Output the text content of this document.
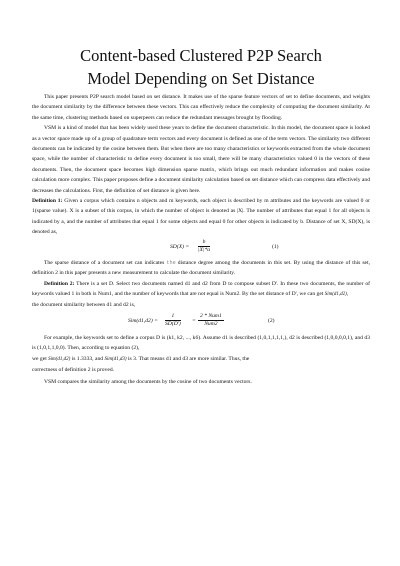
Content-based Clustered P2P Search
Model Depending on Set Distance

This paper presents P2P search model based on set distance. It makes use of the sparse feature vectors of set to define documents, and weights the document similarity by the difference between these vectors. This can effectively reduce the complexity of computing the document similarity. At the same time, clustering methods based on superpeers can reduce the redundant messages brought by flooding.

VSM is a kind of model that has been widely used these years to define the document characteristic. In this model, the document space is looked as a vector space made up of a group of quadrature term vectors and every document is defined as one of the term vectors. The similarity two different documents can be indicated by the cosine between them. But when there are too many characteristics or keywords extracted from the whole document space, while the number of characteristic to define every document is too small, there will be many characteristics valued 0 in the vectors of these documents. Then, the document space becomes high dimension sparse matrix, which brings out much redundant information and makes cosine calculation more complex. This paper proposes define a document similarity calculation based on set distance which can compress data effectively and decreases the calculations. First, the definition of set distance is given here.

Definition 1: Given a corpus which contains n objects and m keywords, each object is described by m attributes and the keywords are valued 0 or 1(sparse value). X is a subset of this corpus, in which the number of object is denoted as |X|. The number of attributes that equal 1 for all objects is indicated by a, and the number of attributes that equal 1 for some objects and equal 0 for other objects is indicated by b. Distance of set X, SD(X), is denoted as,

$SD(X) = \frac{b}{|X|*a}$	(1)

The sparse distance of a document set can indicates the distance degree among the documents in this set. By using the distance of this set, definition 2 in this paper presents a new measurement to calculate the document similarity.

Definition 2: There is a set D. Select two documents named d1 and d2 from D to compose subset D'. In these two documents, the number of keywords valued 1 in both is Num1, and the number of keywords that are not equal is Num2. By the set distance of D', we can get Sim(d1,d2),

the document similarity between d1 and d2 is,

$Sim(d1,d2) = \frac{1}{SD(D')}$ =
2 * Num1
Num2	(2)

For example, the keywords set to define a corpus D is (k1, k2, ..., k6). Assume d1 is described (1,0,1,1,1,1,), d2 is described (1,0,0,0,0,1), and d3 is (1,0,1,1,0,0). Then, according to equation (2),

we get Sim(d1,d2) is 1.3333, and Sim(d1,d3) is 3. That means d1 and d3 are more similar. Thus, the

correctness of definition 2 is proved.

VSM compares the similarity among the documents by the cosine of two documents vectors.
